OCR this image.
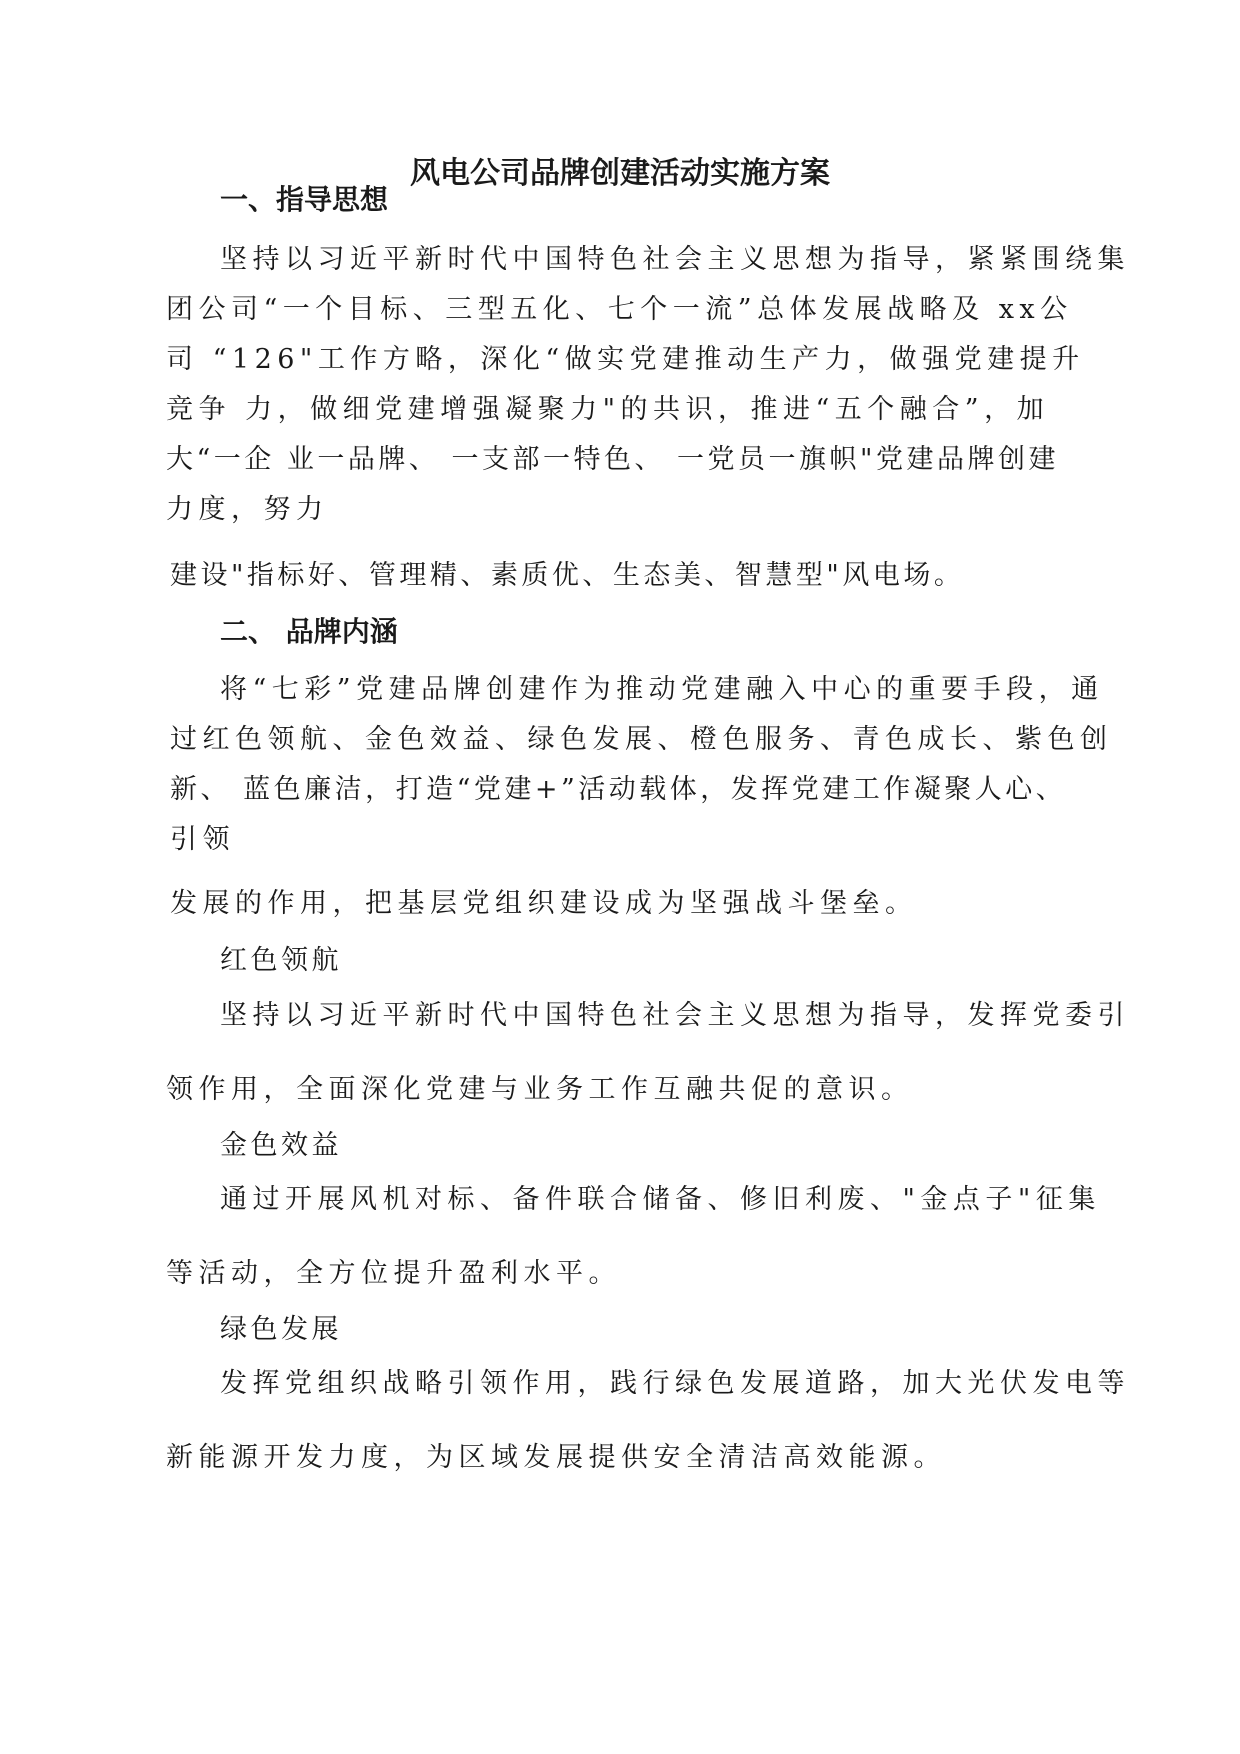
风电公司品牌创建活动实施方案
一、指导思想

坚持以习近平新时代中国特色社会主义思想为指导，紧紧围绕集

团公司“一个目标、三型五化、七个一流”总体发展战略及 xx公

司 “126"工作方略，深化“做实党建推动生产力，做强党建提升

竞争 力，做细党建增强凝聚力"的共识，推进“五个融合”，加

大“一企 业一品牌、 一支部一特色、 一党员一旗帜"党建品牌创建

力度，努力

建设"指标好、管理精、素质优、生态美、智慧型"风电场。

二、 品牌内涵

将“七彩”党建品牌创建作为推动党建融入中心的重要手段，通

过红色领航、金色效益、绿色发展、橙色服务、青色成长、紫色创

新、 蓝色廉洁，打造“党建+”活动载体，发挥党建工作凝聚人心、

引领

发展的作用，把基层党组织建设成为坚强战斗堡垒。

红色领航

坚持以习近平新时代中国特色社会主义思想为指导，发挥党委引

领作用，全面深化党建与业务工作互融共促的意识。

金色效益

通过开展风机对标、备件联合储备、修旧利废、"金点子"征集

等活动，全方位提升盈利水平。

绿色发展

发挥党组织战略引领作用，践行绿色发展道路，加大光伏发电等

新能源开发力度，为区域发展提供安全清洁高效能源。
